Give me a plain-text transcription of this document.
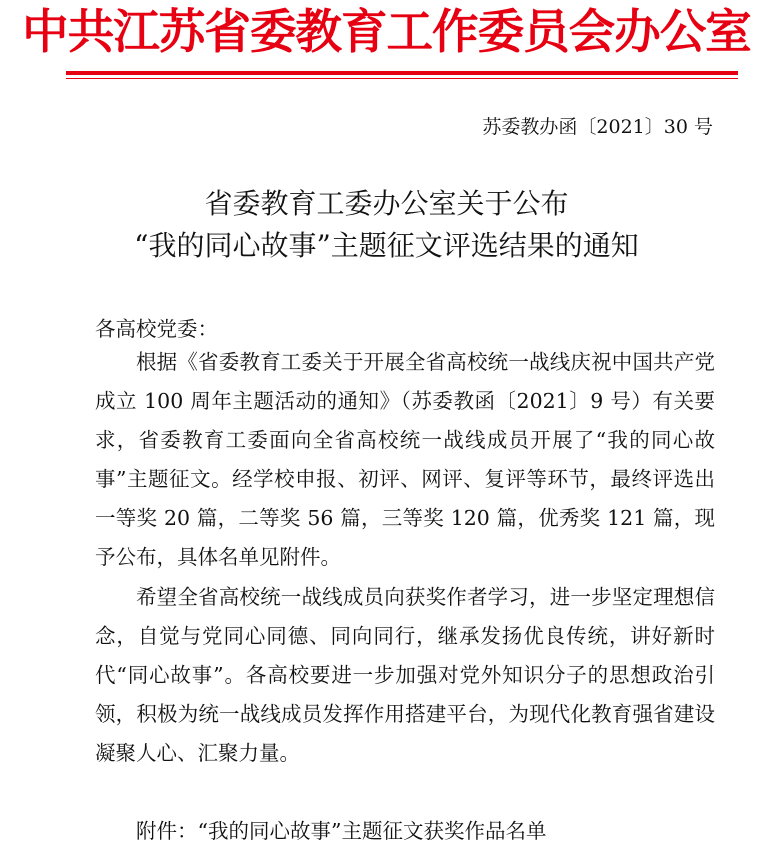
中共江苏省委教育工作委员会办公室
苏委教办函〔2021〕30 号
省委教育工委办公室关于公布
“我的同心故事”主题征文评选结果的通知
各高校党委：
根据《省委教育工委关于开展全省高校统一战线庆祝中国共产党成立 100 周年主题活动的通知》（苏委教函〔2021〕9 号）有关要求，省委教育工委面向全省高校统一战线成员开展了“我的同心故事”主题征文。经学校申报、初评、网评、复评等环节，最终评选出一等奖 20 篇，二等奖 56 篇，三等奖 120 篇，优秀奖 121 篇，现予公布，具体名单见附件。
希望全省高校统一战线成员向获奖作者学习，进一步坚定理想信念，自觉与党同心同德、同向同行，继承发扬优良传统，讲好新时代“同心故事”。各高校要进一步加强对党外知识分子的思想政治引领，积极为统一战线成员发挥作用搭建平台，为现代化教育强省建设凝聚人心、汇聚力量。
附件：“我的同心故事”主题征文获奖作品名单
